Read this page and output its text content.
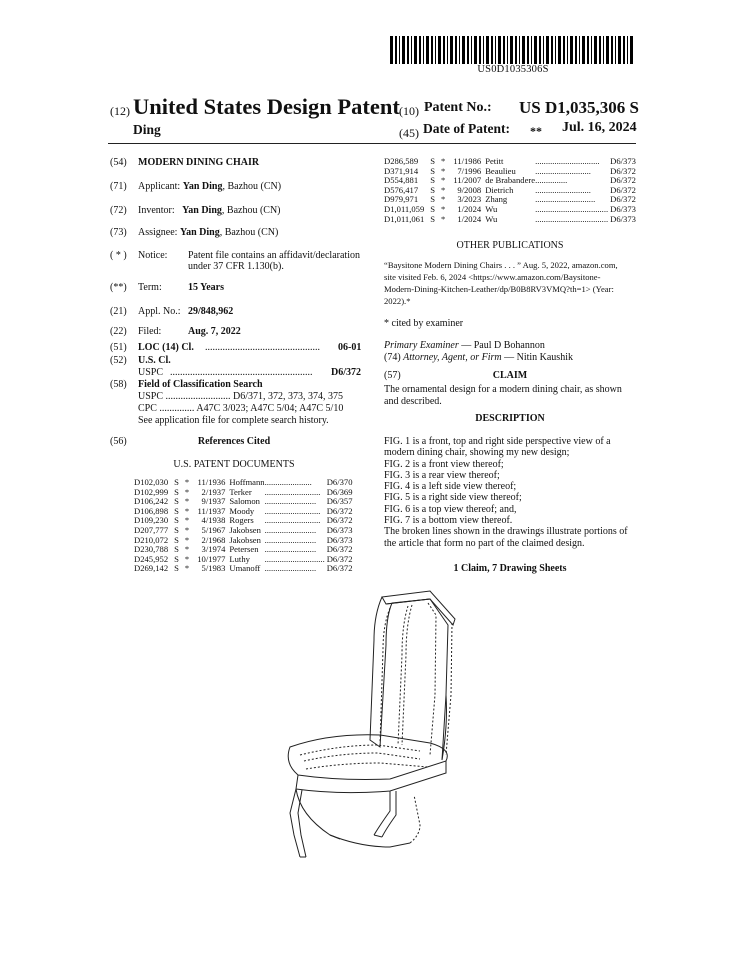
US0D1035306S
(12) United States Design Patent
Ding
(10) Patent No.: US D1,035,306 S
(45) Date of Patent: ** Jul. 16, 2024
(54) MODERN DINING CHAIR
(71) Applicant: Yan Ding, Bazhou (CN)
(72) Inventor: Yan Ding, Bazhou (CN)
(73) Assignee: Yan Ding, Bazhou (CN)
( * ) Notice: Patent file contains an affidavit/declaration
under 37 CFR 1.130(b).
(**) Term:	15 Years
(21) Appl. No.: 29/848,962
(22) Filed:	Aug. 7, 2022
(51) LOC (14) Cl. .............................................. 06-01
(52) U.S. Cl.
USPC ......................................................... D6/372
(58) Field of Classification Search
USPC .......................... D6/371, 372, 373, 374, 375
CPC .............. A47C 3/023; A47C 5/04; A47C 5/10
See application file for complete search history.
(56)	References Cited
U.S. PATENT DOCUMENTS
D102,030	S	*	11/1936	Hoffmann	......................	D6/370
D102,999	S	*	2/1937	Terker	..........................	D6/369
D106,242	S	*	9/1937	Salomon	........................	D6/357
D106,898	S	*	11/1937	Moody	..........................	D6/372
D109,230	S	*	4/1938	Rogers	..........................	D6/372
D207,777	S	*	5/1967	Jakobsen	........................	D6/373
D210,072	S	*	2/1968	Jakobsen	........................	D6/373
D230,788	S	*	3/1974	Petersen	........................	D6/372
D245,952	S	*	10/1977	Luthy	............................	D6/372
D269,142	S	*	5/1983	Umanoff	........................	D6/372
D286,589	S	*	11/1986	Petitt	..............................	D6/373
D371,914	S	*	7/1996	Beaulieu	..........................	D6/372
D554,881	S	*	11/2007	de Brabandere	...............	D6/372
D576,417	S	*	9/2008	Dietrich	..........................	D6/372
D979,971	S	*	3/2023	Zhang	............................	D6/372
D1,011,059	S	*	1/2024	Wu	..................................	D6/373
D1,011,061	S	*	1/2024	Wu	..................................	D6/373
OTHER PUBLICATIONS
“Baysitone Modern Dining Chairs . . . ” Aug. 5, 2022, amazon.com,
site visited Feb. 6, 2024 <https://www.amazon.com/Baysitone-
Modern-Dining-Kitchen-Leather/dp/B0B8RV3VMQ?th=1> (Year:
2022).*
* cited by examiner
Primary Examiner — Paul D Bohannon
(74) Attorney, Agent, or Firm — Nitin Kaushik
(57)	CLAIM
The ornamental design for a modern dining chair, as shown
and described.
DESCRIPTION
FIG. 1 is a front, top and right side perspective view of a
modern dining chair, showing my new design;
FIG. 2 is a front view thereof;
FIG. 3 is a rear view thereof;
FIG. 4 is a left side view thereof;
FIG. 5 is a right side view thereof;
FIG. 6 is a top view thereof; and,
FIG. 7 is a bottom view thereof.
The broken lines shown in the drawings illustrate portions of
the article that form no part of the claimed design.
1 Claim, 7 Drawing Sheets
